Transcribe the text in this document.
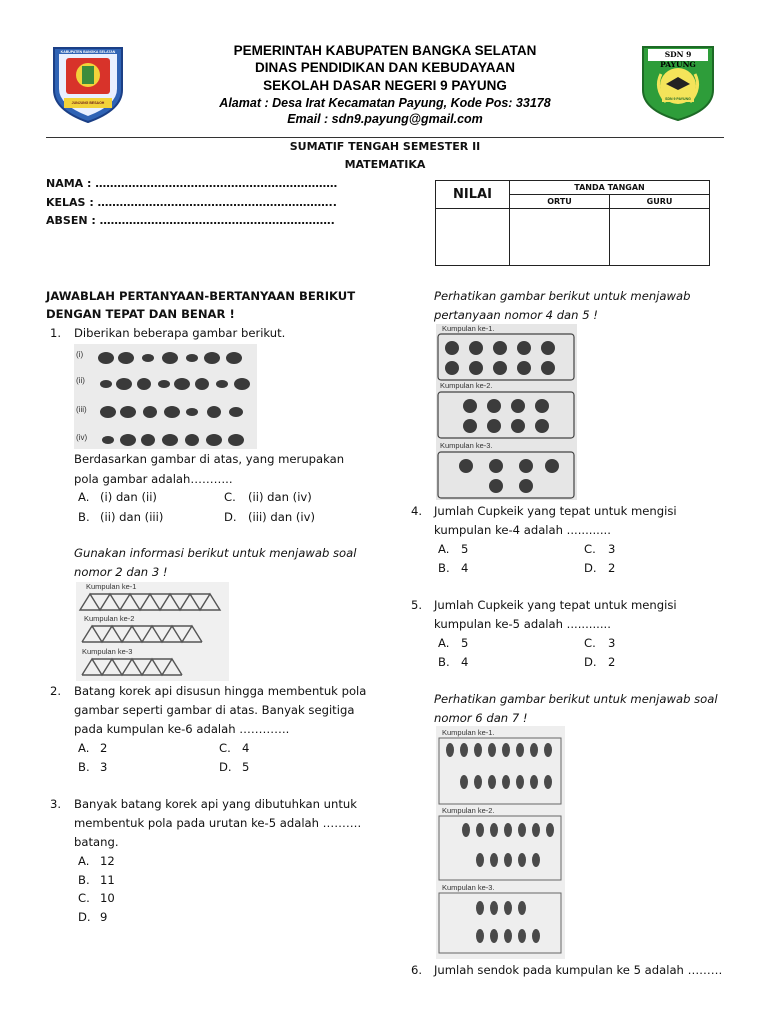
KABUPATEN BANGKA SELATAN
JUNJUNG BESAOH
PEMERINTAH KABUPATEN BANGKA SELATAN
DINAS PENDIDIKAN DAN KEBUDAYAAN
SEKOLAH DASAR NEGERI 9 PAYUNG
Alamat : Desa Irat Kecamatan Payung, Kode Pos: 33178
Email : sdn9.payung@gmail.com
SDN 9 PAYUNG
SDN 9 PAYUNG
SUMATIF TENGAH SEMESTER II
MATEMATIKA
NAMA : …………………………………………………………
KELAS : ………………………………………………………..
ABSEN : ……………………………………………………….
NILAI	TANDA TANGAN	
	ORTU	GURU

JAWABLAH PERTANYAAN-BERTANYAAN BERIKUT
DENGAN TEPAT DAN BENAR !
1. Diberikan beberapa gambar berikut.
(i)
(ii)
(iii)
(iv)
Berdasarkan gambar di atas, yang merupakan
pola gambar adalah………..
A. (i) dan (ii)
B. (ii) dan (iii)
C. (ii) dan (iv)
D. (iii) dan (iv)
Gunakan informasi berikut untuk menjawab soal
nomor 2 dan 3 !
Kumpulan ke-1
Kumpulan ke-2
Kumpulan ke-3
2. Batang korek api disusun hingga membentuk pola
gambar seperti gambar di atas. Banyak segitiga
pada kumpulan ke-6 adalah ………….
A. 2
B. 3
C. 4
D. 5
3. Banyak batang korek api yang dibutuhkan untuk
membentuk pola pada urutan ke-5 adalah ……….
batang.
A. 12
B. 11
C. 10
D. 9
Perhatikan gambar berikut untuk menjawab
pertanyaan nomor 4 dan 5 !
Kumpulan ke-1.
Kumpulan ke-2.
Kumpulan ke-3.
4. Jumlah Cupkeik yang tepat untuk mengisi
kumpulan ke-4 adalah ............
A. 5
B. 4
C. 3
D. 2
5. Jumlah Cupkeik yang tepat untuk mengisi
kumpulan ke-5 adalah ............
A. 5
B. 4
C. 3
D. 2
Perhatikan gambar berikut untuk menjawab soal
nomor 6 dan 7 !
Kumpulan ke-1.
Kumpulan ke-2.
Kumpulan ke-3.
6. Jumlah sendok pada kumpulan ke 5 adalah ………
